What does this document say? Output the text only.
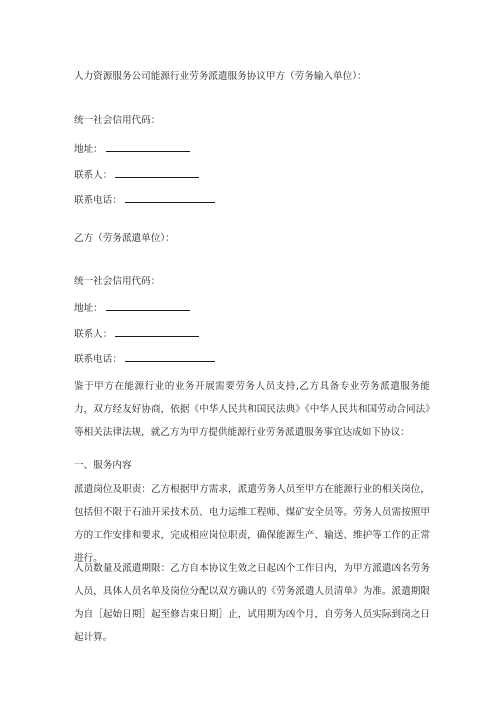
人力资源服务公司能源行业劳务派遣服务协议甲方（劳务输入单位）：
统一社会信用代码：
地址：
联系人：
联系电话：
乙方（劳务派遣单位）：
统一社会信用代码：
地址：
联系人：
联系电话：
鉴于甲方在能源行业的业务开展需要劳务人员支持,乙方具备专业劳务派遣服务能力，双方经友好协商，依据《中华人民共和国民法典》《中华人民共和国劳动合同法》等相关法律法规，就乙方为甲方提供能源行业劳务派遣服务事宜达成如下协议：
一、服务内容
派遣岗位及职责：乙方根据甲方需求，派遣劳务人员至甲方在能源行业的相关岗位，包括但不限于石油开采技术员、电力运维工程师、煤矿安全员等。劳务人员需按照甲方的工作安排和要求，完成相应岗位职责，确保能源生产、输送、维护等工作的正常进行。
人员数量及派遣期限：乙方自本协议生效之日起凶个工作日内，为甲方派遣凶名劳务人员，具体人员名单及岗位分配以双方确认的《劳务派遣人员清单》为准。派遣期限为自［起始日期］起至修吉束日期］止，试用期为凶个月，自劳务人员实际到岗之日起计算。
